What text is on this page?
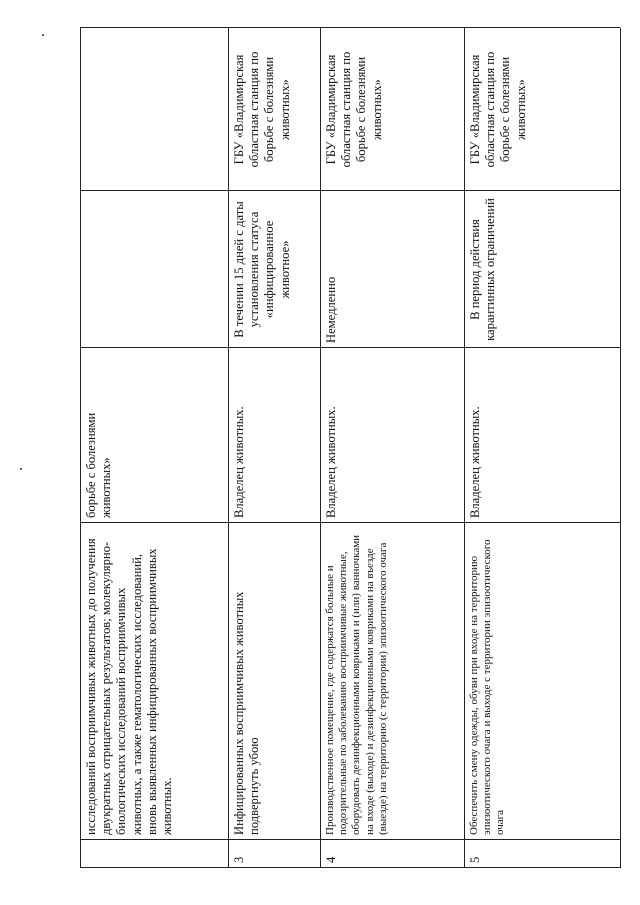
исследований восприимчивых животных до получения двукратных отрицательных результатов; молекулярно-биологических исследований восприимчивых животных, а также гематологических исследований, вновь выявленных инфицированных восприимчивых животных.
борьбе с болезнями животных»
3
Инфицированных восприимчивых животных подвергнуть убою
Владелец животных.
В течении 15 дней с даты установления статуса «инфицированное животное»
ГБУ «Владимирская областная станция по борьбе с болезнями животных»
4
Производственное помещение, где содержатся больные и подозрительные по заболеванию восприимчивые животные, оборудовать дезинфекционными ковриками и (или) ванночками на входе (выходе) и дезинфекционными ковриками на въезде (выезде) на территорию (с территории) эпизоотического очага
Владелец животных.
Немедленно
ГБУ «Владимирская областная станция по борьбе с болезнями животных»
5
Обеспечить смену одежды, обуви при входе на территорию эпизоотического очага и выходе с территории эпизоотического очага
Владелец животных.
В период действия карантинных ограничений
ГБУ «Владимирская областная станция по борьбе с болезнями животных»
